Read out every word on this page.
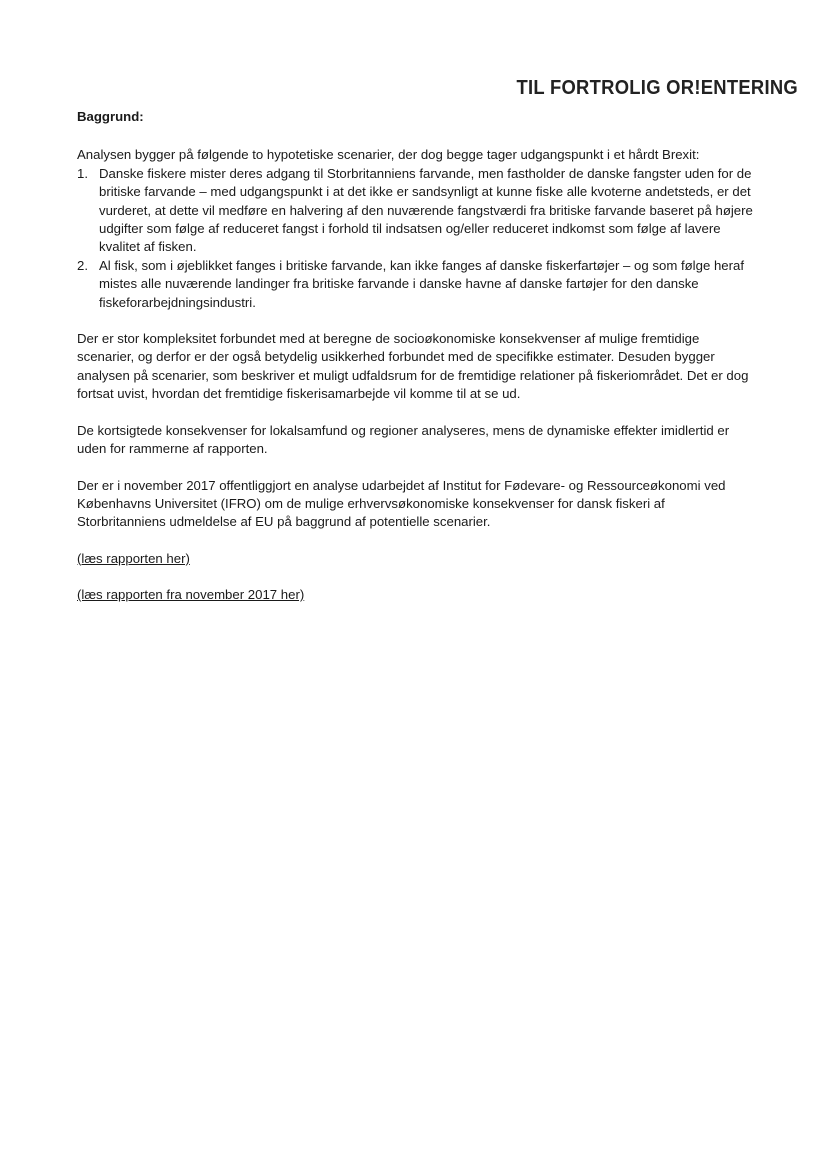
TIL FORTROLIG OR!ENTERING

Baggrund:

Analysen bygger på følgende to hypotetiske scenarier, der dog begge tager udgangspunkt i et hårdt Brexit:

1. Danske fiskere mister deres adgang til Storbritanniens farvande, men fastholder de danske fangster uden for de britiske farvande – med udgangspunkt i at det ikke er sandsynligt at kunne fiske alle kvoterne andetsteds, er det vurderet, at dette vil medføre en halvering af den nuværende fangstværdi fra britiske farvande baseret på højere udgifter som følge af reduceret fangst i forhold til indsatsen og/eller reduceret indkomst som følge af lavere kvalitet af fisken.
2. Al fisk, som i øjeblikket fanges i britiske farvande, kan ikke fanges af danske fiskerfartøjer – og som følge heraf mistes alle nuværende landinger fra britiske farvande i danske havne af danske fartøjer for den danske fiskeforarbejdningsindustri.

Der er stor kompleksitet forbundet med at beregne de socioøkonomiske konsekvenser af mulige fremtidige scenarier, og derfor er der også betydelig usikkerhed forbundet med de specifikke estimater. Desuden bygger analysen på scenarier, som beskriver et muligt udfaldsrum for de fremtidige relationer på fiskeriområdet. Det er dog fortsat uvist, hvordan det fremtidige fiskerisamarbejde vil komme til at se ud.

De kortsigtede konsekvenser for lokalsamfund og regioner analyseres, mens de dynamiske effekter imidlertid er uden for rammerne af rapporten.

Der er i november 2017 offentliggjort en analyse udarbejdet af Institut for Fødevare- og Ressourceøkonomi ved Københavns Universitet (IFRO) om de mulige erhvervsøkonomiske konsekvenser for dansk fiskeri af Storbritanniens udmeldelse af EU på baggrund af potentielle scenarier.

(læs rapporten her)
(læs rapporten fra november 2017 her)
